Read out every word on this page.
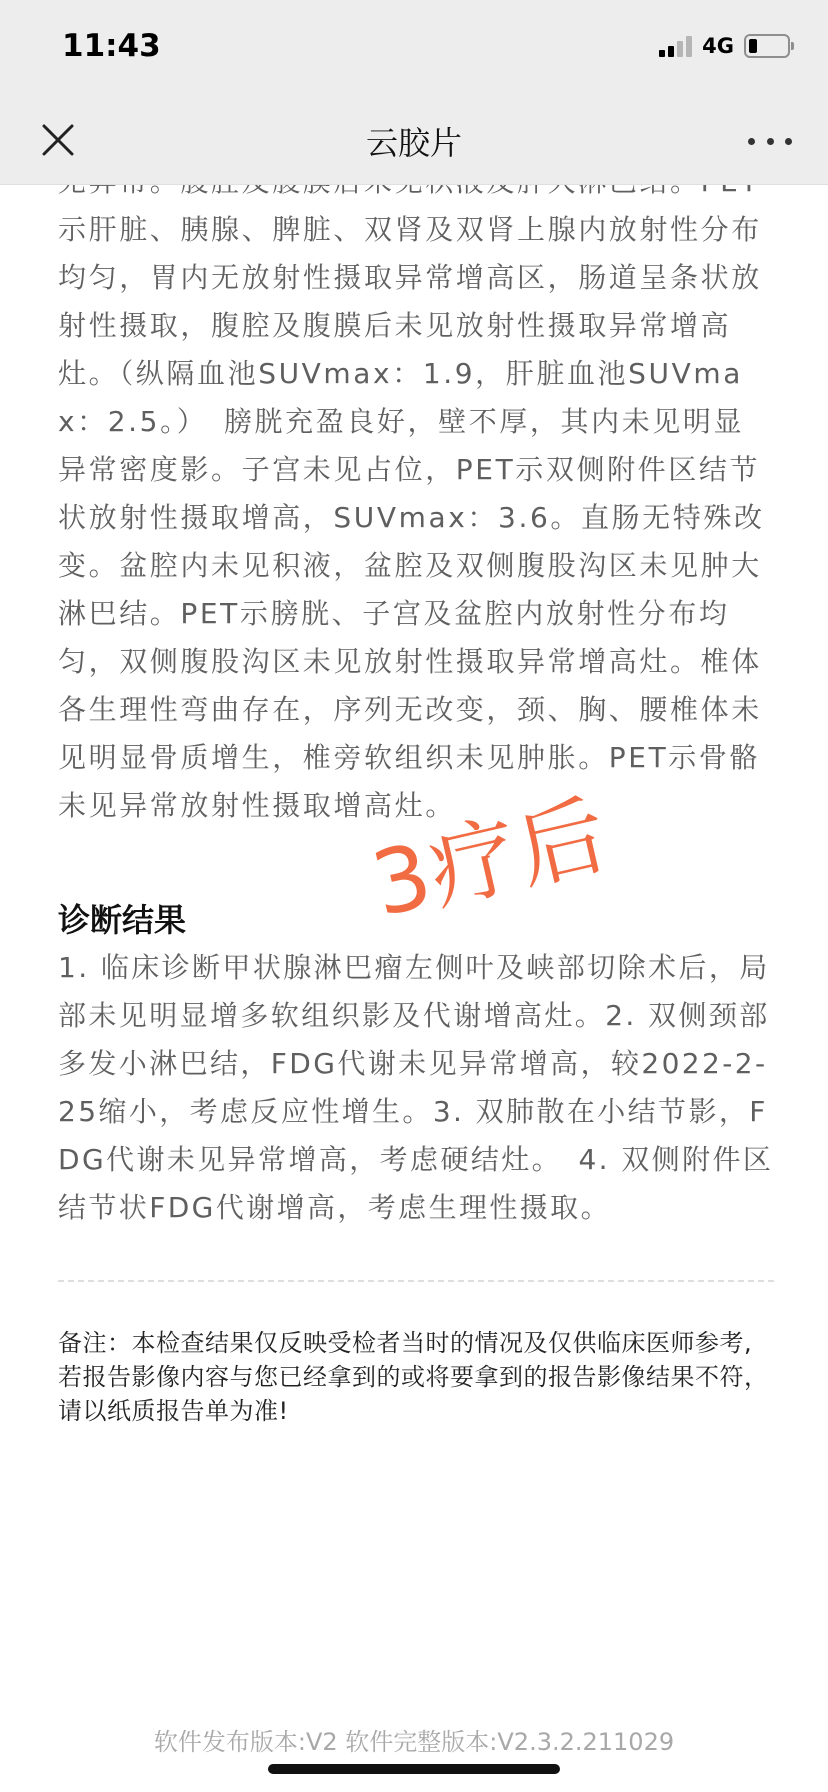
11:43	4G
云胶片

示肝脏、胰腺、脾脏、双肾及双肾上腺内放射性分布均匀，胃内无放射性摄取异常增高区，肠道呈条状放射性摄取，腹腔及腹膜后未见放射性摄取异常增高灶。（纵隔血池SUVmax：1.9，肝脏血池SUVmax：2.5。）　膀胱充盈良好，壁不厚，其内未见明显异常密度影。子宫未见占位，PET示双侧附件区结节状放射性摄取增高，SUVmax：3.6。直肠无特殊改变。盆腔内未见积液，盆腔及双侧腹股沟区未见肿大淋巴结。PET示膀胱、子宫及盆腔内放射性分布均匀，双侧腹股沟区未见放射性摄取异常增高灶。椎体各生理性弯曲存在，序列无改变，颈、胸、腰椎体未见明显骨质增生，椎旁软组织未见肿胀。PET示骨骼未见异常放射性摄取增高灶。

诊断结果

1. 临床诊断甲状腺淋巴瘤左侧叶及峡部切除术后，局部未见明显增多软组织影及代谢增高灶。2. 双侧颈部多发小淋巴结，FDG代谢未见异常增高，较2022-2-25缩小，考虑反应性增生。3. 双肺散在小结节影，FDG代谢未见异常增高，考虑硬结灶。　4. 双侧附件区结节状FDG代谢增高，考虑生理性摄取。

备注：本检查结果仅反映受检者当时的情况及仅供临床医师参考,若报告影像内容与您已经拿到的或将要拿到的报告影像结果不符，请以纸质报告单为准!

3疗后
软件发布版本:V2 软件完整版本:V2.3.2.211029
